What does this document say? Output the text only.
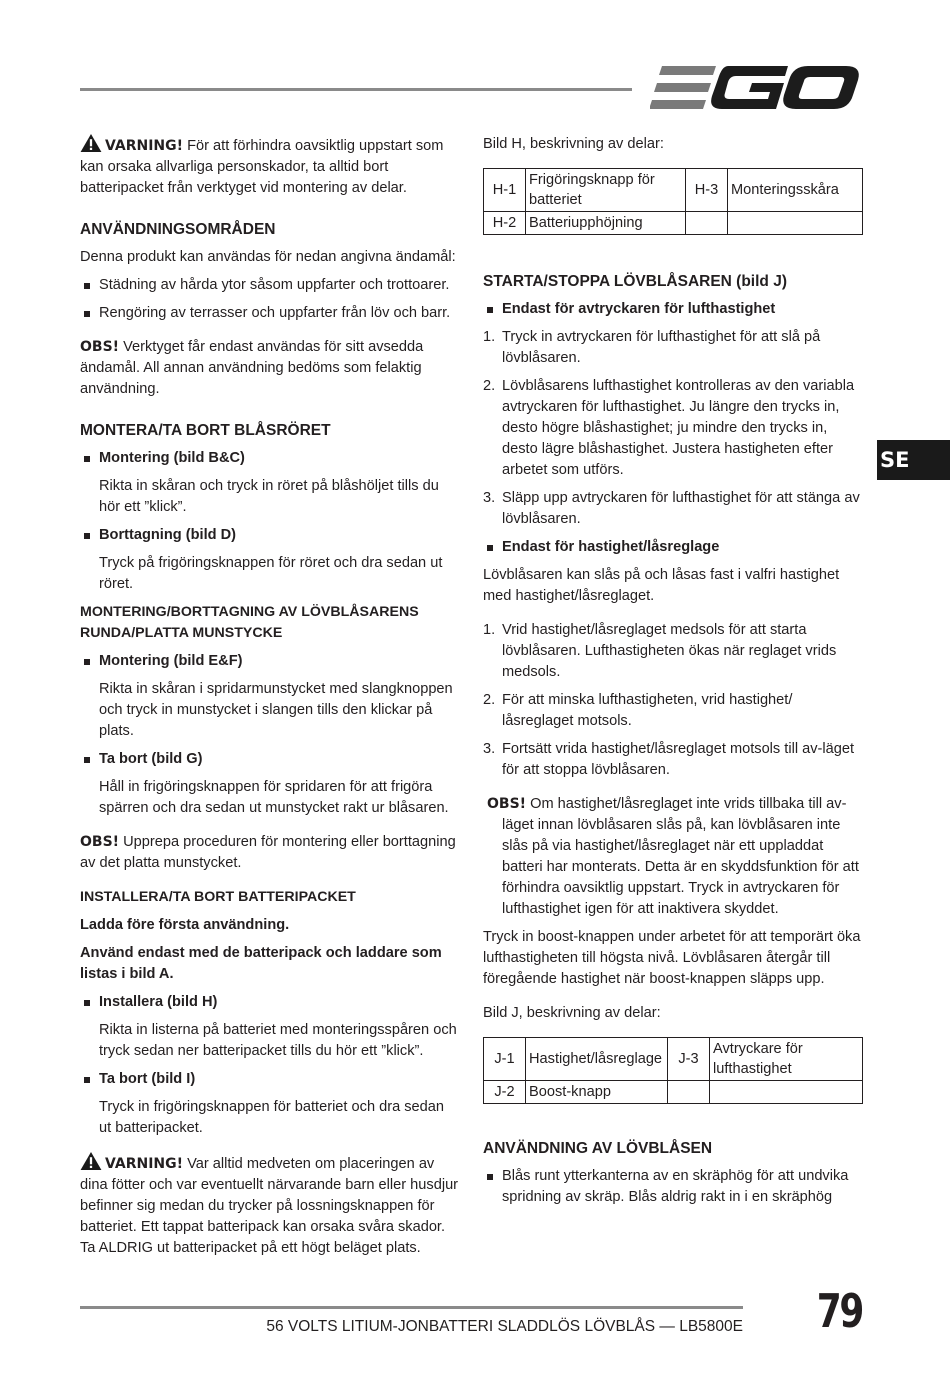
SE

VARNING! För att förhindra oavsiktlig uppstart som kan orsaka allvarliga personskador, ta alltid bort batteripacket från verktyget vid montering av delar.

ANVÄNDNINGSOMRÅDEN

Denna produkt kan användas för nedan angivna ändamål:

Städning av hårda ytor såsom uppfarter och trottoarer.

Rengöring av terrasser och uppfarter från löv och barr.

OBS! Verktyget får endast användas för sitt avsedda ändamål. All annan användning bedöms som felaktig användning.

MONTERA/TA BORT BLÅSRÖRET

Montering (bild B&C)

Rikta in skåran och tryck in röret på blåshöljet tills du hör ett ”klick”.

Borttagning (bild D)

Tryck på frigöringsknappen för röret och dra sedan ut röret.

MONTERING/BORTTAGNING AV LÖVBLÅSARENS RUNDA/PLATTA MUNSTYCKE

Montering (bild E&F)

Rikta in skåran i spridarmunstycket med slangknoppen och tryck in munstycket i slangen tills den klickar på plats.

Ta bort (bild G)

Håll in frigöringsknappen för spridaren för att frigöra spärren och dra sedan ut munstycket rakt ur blåsaren.

OBS! Upprepa proceduren för montering eller borttagning av det platta munstycket.

INSTALLERA/TA BORT BATTERIPACKET

Ladda före första användning.

Använd endast med de batteripack och laddare som listas i bild A.

Installera (bild H)

Rikta in listerna på batteriet med monteringsspåren och tryck sedan ner batteripacket tills du hör ett ”klick”.

Ta bort (bild I)

Tryck in frigöringsknappen för batteriet och dra sedan ut batteripacket.

VARNING! Var alltid medveten om placeringen av dina fötter och var eventuellt närvarande barn eller husdjur befinner sig medan du trycker på lossningsknappen för batteriet. Ett tappat batteripack kan orsaka svåra skador. Ta ALDRIG ut batteripacket på ett högt beläget plats.

Bild H, beskrivning av delar:

H-1	Frigöringsknapp för batteriet	H-3	Monteringsskåra
H-2	Batteriupphöjning		

STARTA/STOPPA LÖVBLÅSAREN (bild J)

Endast för avtryckaren för lufthastighet

1. Tryck in avtryckaren för lufthastighet för att slå på lövblåsaren.

2. Lövblåsarens lufthastighet kontrolleras av den variabla avtryckaren för lufthastighet. Ju längre den trycks in, desto högre blåshastighet; ju mindre den trycks in, desto lägre blåshastighet. Justera hastigheten efter arbetet som utförs.

3. Släpp upp avtryckaren för lufthastighet för att stänga av lövblåsaren.

Endast för hastighet/låsreglage

Lövblåsaren kan slås på och låsas fast i valfri hastighet med hastighet/låsreglaget.

1. Vrid hastighet/låsreglaget medsols för att starta lövblåsaren. Lufthastigheten ökas när reglaget vrids medsols.

2. För att minska lufthastigheten, vrid hastighet/ låsreglaget motsols.

3. Fortsätt vrida hastighet/låsreglaget motsols till av-läget för att stoppa lövblåsaren.

OBS! Om hastighet/låsreglaget inte vrids tillbaka till av-läget innan lövblåsaren slås på, kan lövblåsaren inte slås på via hastighet/låsreglaget när ett uppladdat batteri har monterats. Detta är en skyddsfunktion för att förhindra oavsiktlig uppstart. Tryck in avtryckaren för lufthastighet igen för att inaktivera skyddet.

Tryck in boost-knappen under arbetet för att temporärt öka lufthastigheten till högsta nivå. Lövblåsaren återgår till föregående hastighet när boost-knappen släpps upp.

Bild J, beskrivning av delar:

J-1	Hastighet/låsreglage	J-3	Avtryckare för lufthastighet
J-2	Boost-knapp		

ANVÄNDNING AV LÖVBLÅSEN

Blås runt ytterkanterna av en skräphög för att undvika spridning av skräp. Blås aldrig rakt in i en skräphög

56 VOLTS LITIUM-JONBATTERI SLADDLÖS LÖVBLÅS — LB5800E 79
